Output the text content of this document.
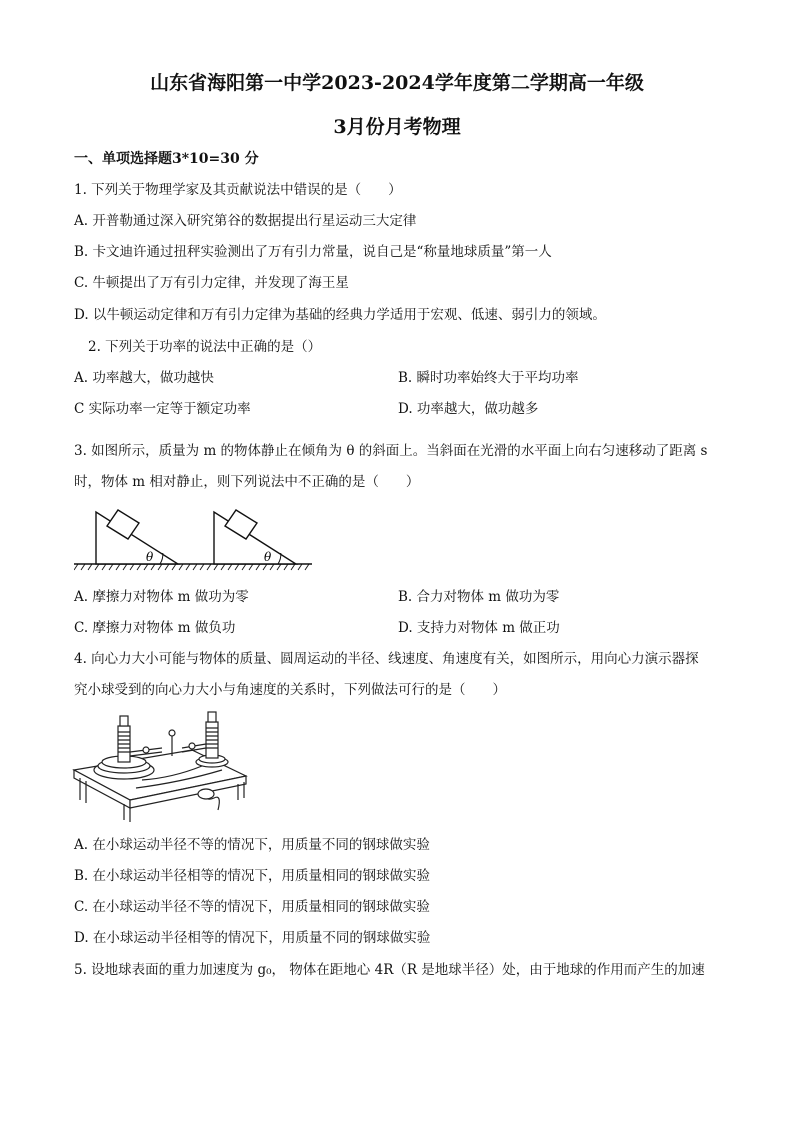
山东省海阳第一中学2023-2024学年度第二学期高一年级
3月份月考物理
一、单项选择题3*10=30 分
1. 下列关于物理学家及其贡献说法中错误的是（　　）
A. 开普勒通过深入研究第谷的数据提出行星运动三大定律
B. 卡文迪许通过扭秤实验测出了万有引力常量，说自己是“称量地球质量”第一人
C. 牛顿提出了万有引力定律，并发现了海王星
D. 以牛顿运动定律和万有引力定律为基础的经典力学适用于宏观、低速、弱引力的领域。
2. 下列关于功率的说法中正确的是（）
A. 功率越大，做功越快	B. 瞬时功率始终大于平均功率
C 实际功率一定等于额定功率	D. 功率越大，做功越多
3. 如图所示，质量为 m 的物体静止在倾角为 θ 的斜面上。当斜面在光滑的水平面上向右匀速移动了距离 s
时，物体 m 相对静止，则下列说法中不正确的是（　　）
θ	θ
A. 摩擦力对物体 m 做功为零	B. 合力对物体 m 做功为零
C. 摩擦力对物体 m 做负功	D. 支持力对物体 m 做正功
4. 向心力大小可能与物体的质量、圆周运动的半径、线速度、角速度有关，如图所示，用向心力演示器探
究小球受到的向心力大小与角速度的关系时，下列做法可行的是（　　）
A. 在小球运动半径不等的情况下，用质量不同的钢球做实验
B. 在小球运动半径相等的情况下，用质量相同的钢球做实验
C. 在小球运动半径不等的情况下，用质量相同的钢球做实验
D. 在小球运动半径相等的情况下，用质量不同的钢球做实验
5. 设地球表面的重力加速度为 g₀， 物体在距地心 4R（R 是地球半径）处，由于地球的作用而产生的加速
